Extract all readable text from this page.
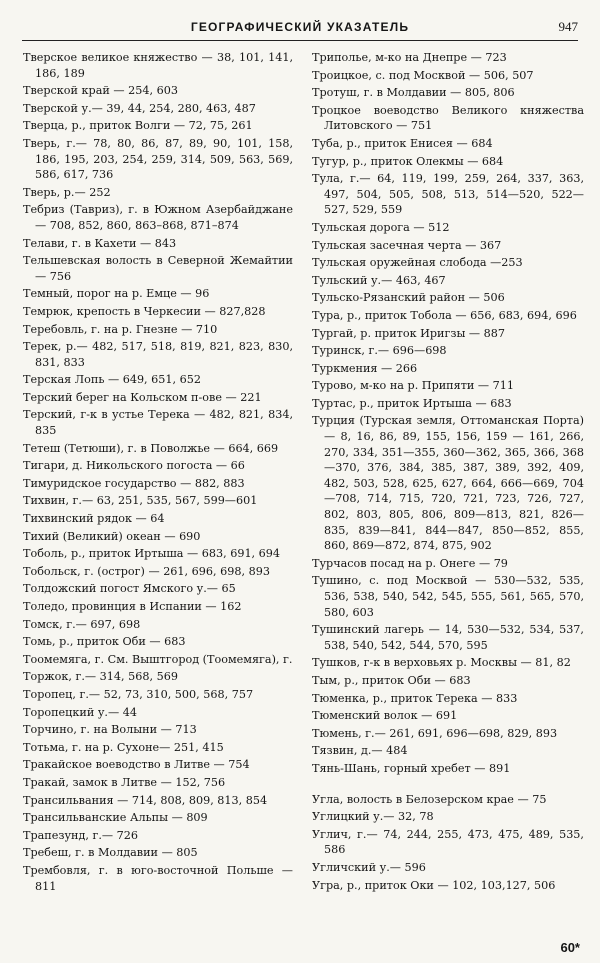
ГЕОГРАФИЧЕСКИЙ УКАЗАТЕЛЬ	947
Тверское великое княжество — 38, 101, 141, 186, 189
Тверской край — 254, 603
Тверской у.— 39, 44, 254, 280, 463, 487
Тверца, р., приток Волги — 72, 75, 261
Тверь, г.— 78, 80, 86, 87, 89, 90, 101, 158, 186, 195, 203, 254, 259, 314, 509, 563, 569, 586, 617, 736
Тверь, р.— 252
Тебриз (Тавриз), г. в Южном Азербайджане — 708, 852, 860, 863–868, 871–874
Телави, г. в Кахети — 843
Тельшевская волость в Северной Жемайтии — 756
Темный, порог на р. Емце — 96
Темрюк, крепость в Черкесии — 827,828
Теребовль, г. на р. Гнезне — 710
Терек, р.— 482, 517, 518, 819, 821, 823, 830, 831, 833
Терская Лопь — 649, 651, 652
Терский берег на Кольском п-ове — 221
Терский, г-к в устье Терека — 482, 821, 834, 835
Тетеш (Тетюши), г. в Поволжье — 664, 669
Тигари, д. Никольского погоста — 66
Тимуридское государство — 882, 883
Тихвин, г.— 63, 251, 535, 567, 599—601
Тихвинский рядок — 64
Тихий (Великий) океан — 690
Тоболь, р., приток Иртыша — 683, 691, 694
Тобольск, г. (острог) — 261, 696, 698, 893
Толдожский погост Ямского у.— 65
Толедо, провинция в Испании — 162
Томск, г.— 697, 698
Томь, р., приток Оби — 683
Тоомемяга, г. См. Выштгород (Тоомемяга), г.
Торжок, г.— 314, 568, 569
Торопец, г.— 52, 73, 310, 500, 568, 757
Торопецкий у.— 44
Торчино, г. на Волыни — 713
Тотьма, г. на р. Сухоне— 251, 415
Тракайское воеводство в Литве — 754
Тракай, замок в Литве — 152, 756
Трансильвания — 714, 808, 809, 813, 854
Трансильванские Альпы — 809
Трапезунд, г.— 726
Требеш, г. в Молдавии — 805
Трембовля, г. в юго-восточной Польше — 811
Триполье, м-ко на Днепре — 723
Троицкое, с. под Москвой — 506, 507
Тротуш, г. в Молдавии — 805, 806
Троцкое воеводство Великого княжества Литовского — 751
Туба, р., приток Енисея — 684
Тугур, р., приток Олекмы — 684
Тула, г.— 64, 119, 199, 259, 264, 337, 363, 497, 504, 505, 508, 513, 514—520, 522—527, 529, 559
Тульская дорога — 512
Тульская засечная черта — 367
Тульская оружейная слобода —253
Тульский у.— 463, 467
Тульско-Рязанский район — 506
Тура, р., приток Тобола — 656, 683, 694, 696
Тургай, р. приток Иригзы — 887
Туринск, г.— 696—698
Туркмения — 266
Турово, м-ко на р. Припяти — 711
Туртас, р., приток Иртыша — 683
Турция (Турская земля, Оттоманская Порта) — 8, 16, 86, 89, 155, 156, 159 — 161, 266, 270, 334, 351—355, 360—362, 365, 366, 368—370, 376, 384, 385, 387, 389, 392, 409, 482, 503, 528, 625, 627, 664, 666—669, 704—708, 714, 715, 720, 721, 723, 726, 727, 802, 803, 805, 806, 809—813, 821, 826—835, 839—841, 844—847, 850—852, 855, 860, 869—872, 874, 875, 902
Турчасов посад на р. Онеге — 79
Тушино, с. под Москвой — 530—532, 535, 536, 538, 540, 542, 545, 555, 561, 565, 570, 580, 603
Тушинский лагерь — 14, 530—532, 534, 537, 538, 540, 542, 544, 570, 595
Тушков, г-к в верховьях р. Москвы — 81, 82
Тым, р., приток Оби — 683
Тюменка, р., приток Терека — 833
Тюменский волок — 691
Тюмень, г.— 261, 691, 696—698, 829, 893
Тязвин, д.— 484
Тянь-Шань, горный хребет — 891
Угла, волость в Белозерском крае — 75
Углицкий у.— 32, 78
Углич, г.— 74, 244, 255, 473, 475, 489, 535, 586
Угличский у.— 596
Угра, р., приток Оки — 102, 103,127, 506
60*
